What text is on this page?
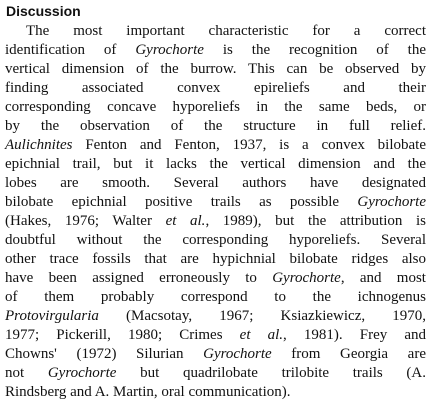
Discussion
The most important characteristic for a correct
identification of Gyrochorte is the recognition of the
vertical dimension of the burrow. This can be observed by
finding associated convex epireliefs and their
corresponding concave hyporeliefs in the same beds, or
by the observation of the structure in full relief.
Aulichnites Fenton and Fenton, 1937, is a convex bilobate
epichnial trail, but it lacks the vertical dimension and the
lobes are smooth. Several authors have designated
bilobate epichnial positive trails as possible Gyrochorte
(Hakes, 1976; Walter et al., 1989), but the attribution is
doubtful without the corresponding hyporeliefs. Several
other trace fossils that are hypichnial bilobate ridges also
have been assigned erroneously to Gyrochorte, and most
of them probably correspond to the ichnogenus
Protovirgularia (Macsotay, 1967; Ksiazkiewicz, 1970,
1977; Pickerill, 1980; Crimes et al., 1981). Frey and
Chowns' (1972) Silurian Gyrochorte from Georgia are
not Gyrochorte but quadrilobate trilobite trails (A.
Rindsberg and A. Martin, oral communication).
